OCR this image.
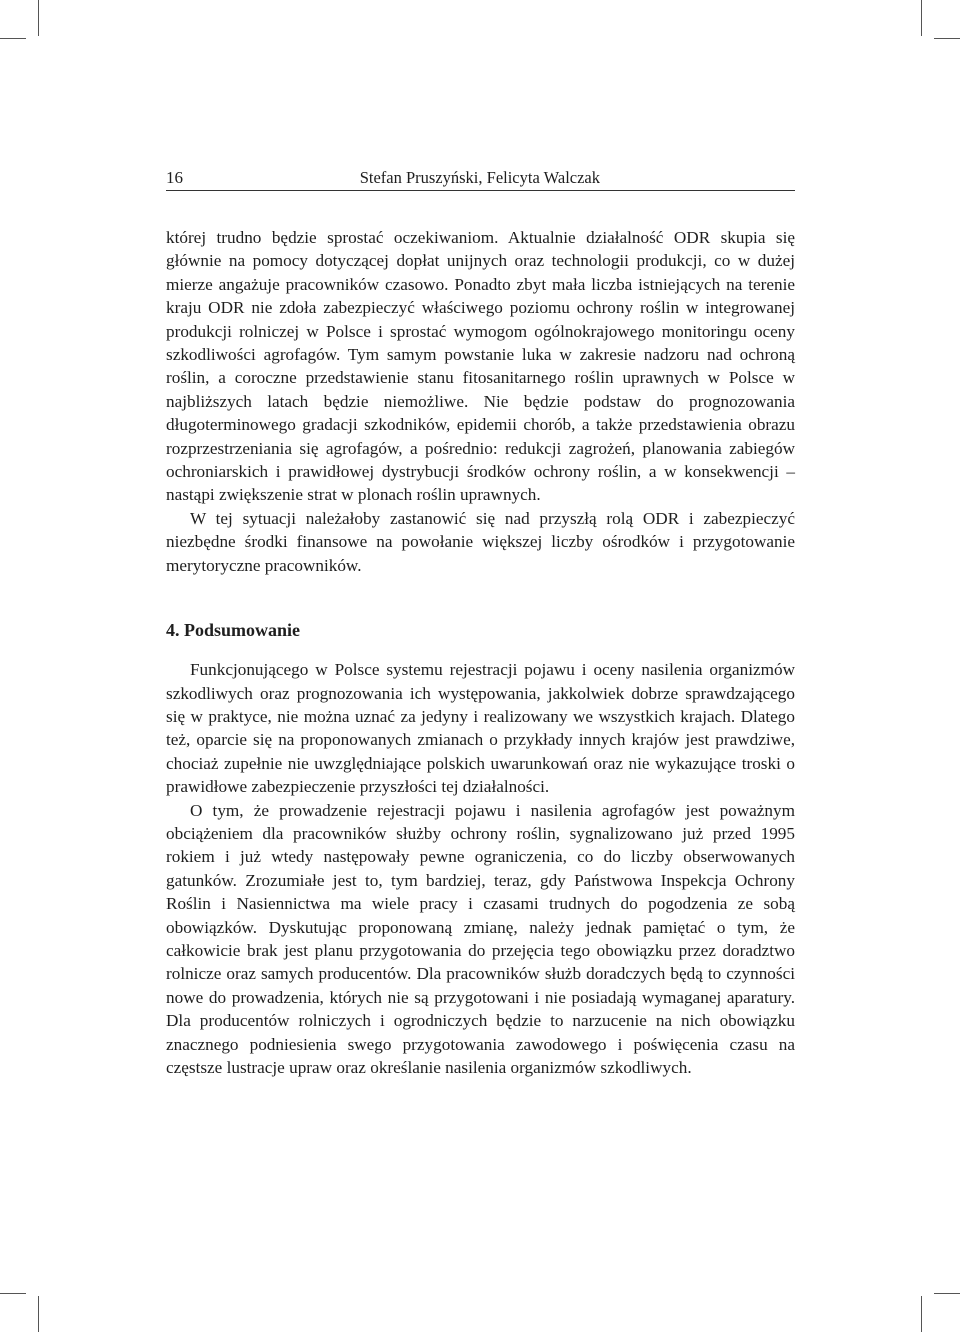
16	Stefan Pruszyński, Felicyta Walczak

której trudno będzie sprostać oczekiwaniom. Aktualnie działalność ODR skupia się głównie na pomocy dotyczącej dopłat unijnych oraz technologii produkcji, co w dużej mierze angażuje pracowników czasowo. Ponadto zbyt mała liczba istniejących na terenie kraju ODR nie zdoła zabezpieczyć właściwego poziomu ochrony roślin w integrowanej produkcji rolniczej w Polsce i sprostać wymogom ogólnokrajowego monitoringu oceny szkodliwości agrofagów. Tym samym powstanie luka w zakresie nadzoru nad ochroną roślin, a coroczne przedstawienie stanu fitosanitarnego roślin uprawnych w Polsce w najbliższych latach będzie niemożliwe. Nie będzie podstaw do prognozowania długoterminowego gradacji szkodników, epidemii chorób, a także przedstawienia obrazu rozprzestrzeniania się agrofagów, a pośrednio: redukcji zagrożeń, planowania zabiegów ochroniarskich i prawidłowej dystrybucji środków ochrony roślin, a w konsekwencji – nastąpi zwiększenie strat w plonach roślin uprawnych.

W tej sytuacji należałoby zastanowić się nad przyszłą rolą ODR i zabezpieczyć niezbędne środki finansowe na powołanie większej liczby ośrodków i przygotowanie merytoryczne pracowników.

4. Podsumowanie

Funkcjonującego w Polsce systemu rejestracji pojawu i oceny nasilenia organizmów szkodliwych oraz prognozowania ich występowania, jakkolwiek dobrze sprawdzającego się w praktyce, nie można uznać za jedyny i realizowany we wszystkich krajach. Dlatego też, oparcie się na proponowanych zmianach o przykłady innych krajów jest prawdziwe, chociaż zupełnie nie uwzględniające polskich uwarunkowań oraz nie wykazujące troski o prawidłowe zabezpieczenie przyszłości tej działalności.

O tym, że prowadzenie rejestracji pojawu i nasilenia agrofagów jest poważnym obciążeniem dla pracowników służby ochrony roślin, sygnalizowano już przed 1995 rokiem i już wtedy następowały pewne ograniczenia, co do liczby obserwowanych gatunków. Zrozumiałe jest to, tym bardziej, teraz, gdy Państwowa Inspekcja Ochrony Roślin i Nasiennictwa ma wiele pracy i czasami trudnych do pogodzenia ze sobą obowiązków. Dyskutując proponowaną zmianę, należy jednak pamiętać o tym, że całkowicie brak jest planu przygotowania do przejęcia tego obowiązku przez doradztwo rolnicze oraz samych producentów. Dla pracowników służb doradczych będą to czynności nowe do prowadzenia, których nie są przygotowani i nie posiadają wymaganej aparatury. Dla producentów rolniczych i ogrodniczych będzie to narzucenie na nich obowiązku znacznego podniesienia swego przygotowania zawodowego i poświęcenia czasu na częstsze lustracje upraw oraz określanie nasilenia organizmów szkodliwych.
